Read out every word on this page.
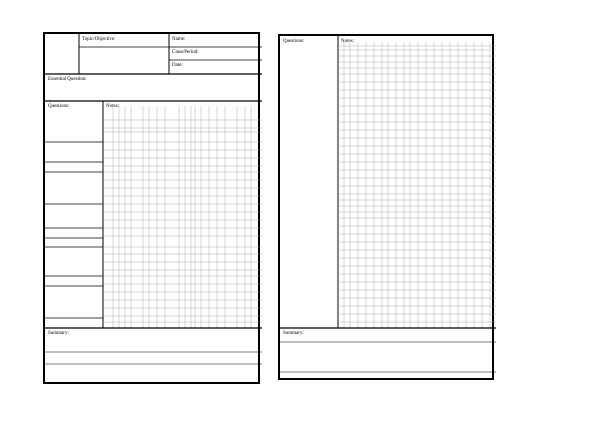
Topic/Objective:	Name:
Class/Period:
Date:
Essential Question:
Questions:	Notes:
Summary:
Questions:	Notes:
Summary:
